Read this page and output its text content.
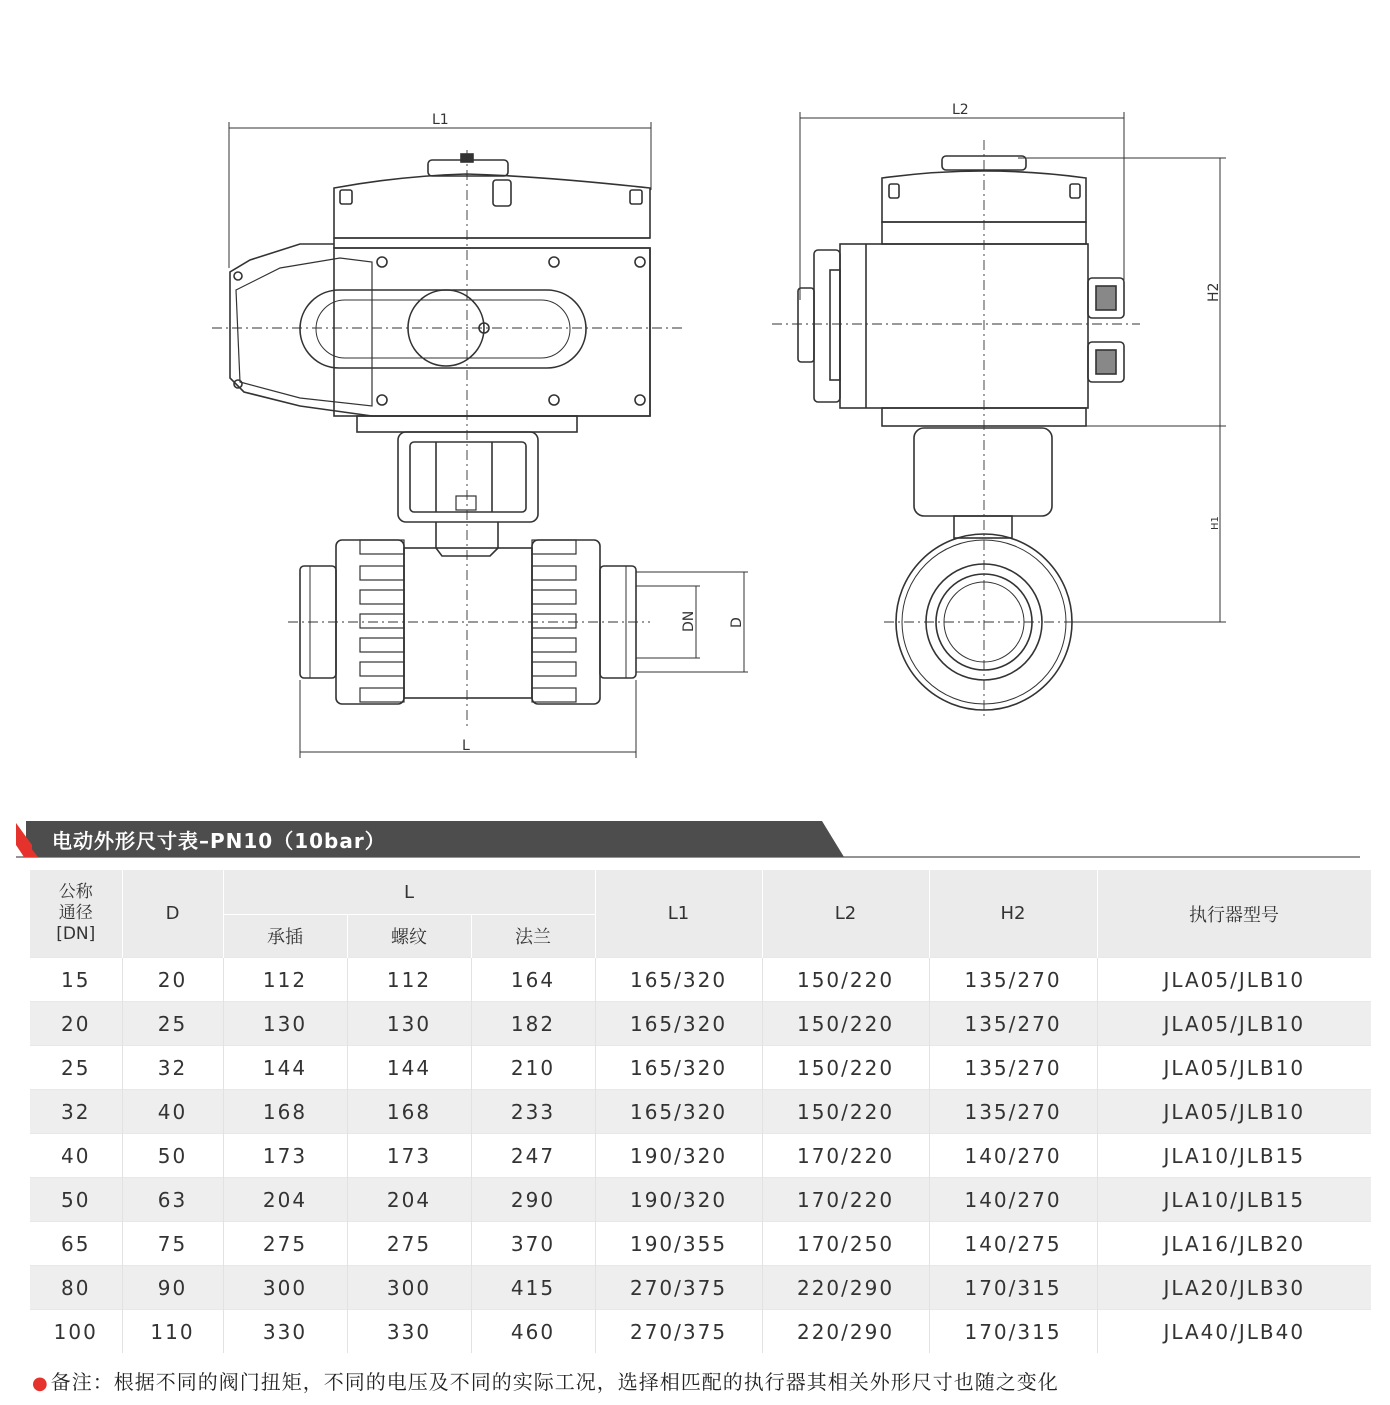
L1
L
DN D
L2
H2
H1
电动外形尺寸表–PN10（10bar）
公称
通径
[DN]	D	L			L1	L2	H2	执行器型号
		承插	螺纹	法兰				
15	20	112	112	164	165/320	150/220	135/270	JLA05/JLB10
20	25	130	130	182	165/320	150/220	135/270	JLA05/JLB10
25	32	144	144	210	165/320	150/220	135/270	JLA05/JLB10
32	40	168	168	233	165/320	150/220	135/270	JLA05/JLB10
40	50	173	173	247	190/320	170/220	140/270	JLA10/JLB15
50	63	204	204	290	190/320	170/220	140/270	JLA10/JLB15
65	75	275	275	370	190/355	170/250	140/275	JLA16/JLB20
80	90	300	300	415	270/375	220/290	170/315	JLA20/JLB30
100	110	330	330	460	270/375	220/290	170/315	JLA40/JLB40
● 备注：根据不同的阀门扭矩，不同的电压及不同的实际工况，选择相匹配的执行器其相关外形尺寸也随之变化
